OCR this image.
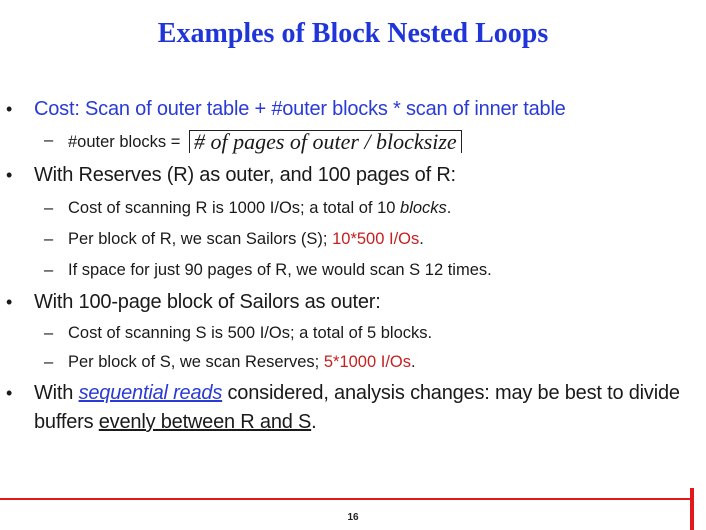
Examples of Block Nested Loops
• Cost: Scan of outer table + #outer blocks * scan of inner table
– #outer blocks = # of pages of outer / blocksize
• With Reserves (R) as outer, and 100 pages of R:
– Cost of scanning R is 1000 I/Os; a total of 10 blocks.
– Per block of R, we scan Sailors (S); 10*500 I/Os.
– If space for just 90 pages of R, we would scan S 12 times.
• With 100-page block of Sailors as outer:
– Cost of scanning S is 500 I/Os; a total of 5 blocks.
– Per block of S, we scan Reserves; 5*1000 I/Os.
• With sequential reads considered, analysis changes: may be best to divide buffers evenly between R and S.
16
